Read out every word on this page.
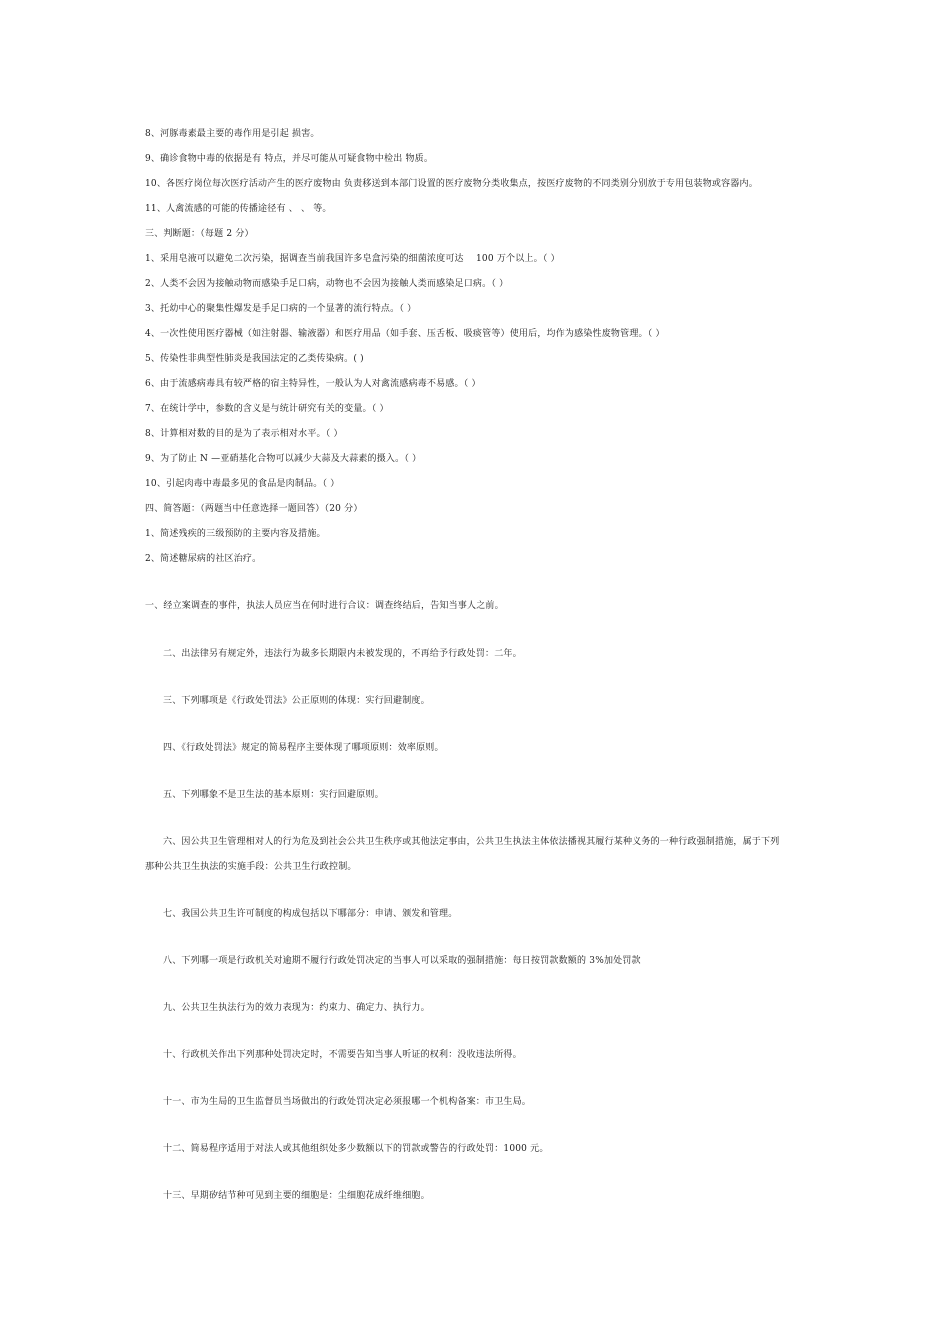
8、河豚毒素最主要的毒作用是引起 损害。
9、确诊食物中毒的依据是有 特点，并尽可能从可疑食物中检出 物质。
10、各医疗岗位每次医疗活动产生的医疗废物由 负责移送到本部门设置的医疗废物分类收集点，按医疗废物的不同类别分别放于专用包装物或容器内。
11、人禽流感的可能的传播途径有 、 、 等。
三、判断题：（每题 2 分）
1、采用皂液可以避免二次污染，据调查当前我国许多皂盒污染的细菌浓度可达 　100 万个以上。（ ）
2、人类不会因为接触动物而感染手足口病，动物也不会因为接触人类而感染足口病。（ ）
3、托幼中心的聚集性爆发是手足口病的一个显著的流行特点。（ ）
4、一次性使用医疗器械（如注射器、输液器）和医疗用品（如手套、压舌板、吸痰管等）使用后，均作为感染性废物管理。（ ）
5、传染性非典型性肺炎是我国法定的乙类传染病。( )
6、由于流感病毒具有较严格的宿主特异性，一般认为人对禽流感病毒不易感。（ ）
7、在统计学中，参数的含义是与统计研究有关的变量。（ ）
8、计算相对数的目的是为了表示相对水平。（ ）
9、为了防止 N —亚硝基化合物可以减少大蒜及大蒜素的摄入。（ ）
10、引起肉毒中毒最多见的食品是肉制品。（ ）
四、简答题：（两题当中任意选择一题回答）（20 分）
1、简述残疾的三级预防的主要内容及措施。
2、简述糖尿病的社区治疗。
一、经立案调查的事件，执法人员应当在何时进行合议：调查终结后，告知当事人之前。
二、出法律另有规定外，违法行为裁多长期限内未被发现的，不再给予行政处罚：二年。
三、下列哪项是《行政处罚法》公正原则的体现：实行回避制度。
四、《行政处罚法》规定的简易程序主要体现了哪项原则：效率原则。
五、下列哪象不是卫生法的基本原则：实行回避原则。
六、因公共卫生管理相对人的行为危及到社会公共卫生秩序或其他法定事由，公共卫生执法主体依法播视其履行某种义务的一种行政强制措施，属于下列
那种公共卫生执法的实施手段：公共卫生行政控制。
七、我国公共卫生许可制度的构成包括以下哪部分：申请、颁发和管理。
八、下列哪一项是行政机关对逾期不履行行政处罚决定的当事人可以采取的强制措施：每日按罚款数额的 3%加处罚款
九、公共卫生执法行为的效力表现为：约束力、确定力、执行力。
十、行政机关作出下列那种处罚决定时，不需要告知当事人听证的权利：没收违法所得。
十一、市为生局的卫生监督员当场做出的行政处罚决定必须报哪一个机构备案：市卫生局。
十二、简易程序适用于对法人或其他组织处多少数额以下的罚款或警告的行政处罚：1000 元。
十三、早期矽结节种可见到主要的细胞是：尘细胞花成纤维细胞。
